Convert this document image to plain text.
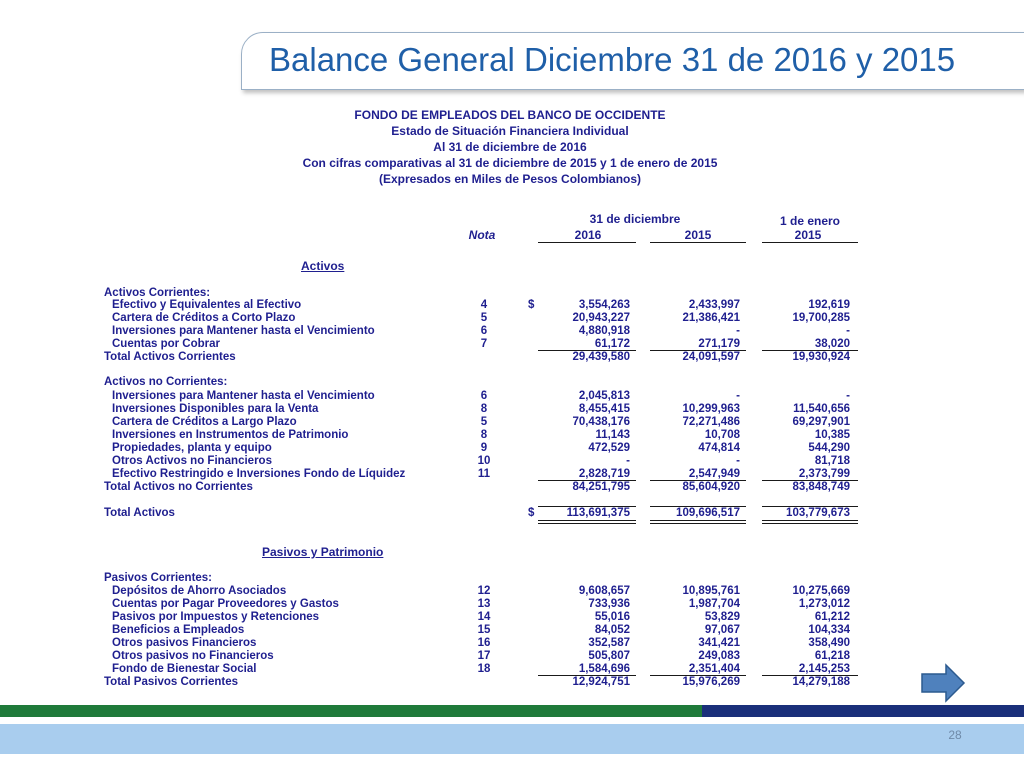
Balance General Diciembre 31 de 2016 y 2015
FONDO DE EMPLEADOS DEL BANCO DE OCCIDENTE
Estado de Situación Financiera Individual
Al 31 de diciembre de 2016
Con cifras comparativas al 31 de diciembre de 2015 y 1 de enero de 2015
(Expresados en Miles de Pesos Colombianos)
31 de diciembre	1 de enero
Nota	2016	2015	2015
Activos
Pasivos y Patrimonio
Activos Corrientes:
Efectivo y Equivalentes al Efectivo	4	$	3,554,263	2,433,997	192,619
Cartera de Créditos a Corto Plazo	5	20,943,227	21,386,421	19,700,285
Inversiones para Mantener hasta el Vencimiento	6	4,880,918	-	-
Cuentas por Cobrar	7	61,172	271,179	38,020
Total Activos Corrientes	29,439,580	24,091,597	19,930,924
Activos no Corrientes:
Inversiones para Mantener hasta el Vencimiento	6	2,045,813	-	-
Inversiones Disponibles para la Venta	8	8,455,415	10,299,963	11,540,656
Cartera de Créditos a Largo Plazo	5	70,438,176	72,271,486	69,297,901
Inversiones en Instrumentos de Patrimonio	8	11,143	10,708	10,385
Propiedades, planta y equipo	9	472,529	474,814	544,290
Otros Activos no Financieros	10	-	-	81,718
Efectivo Restringido e Inversiones Fondo de Líquidez	11	2,828,719	2,547,949	2,373,799
Total Activos no Corrientes	84,251,795	85,604,920	83,848,749
Total Activos	$	113,691,375	109,696,517	103,779,673
Pasivos Corrientes:
Depósitos de Ahorro Asociados	12	9,608,657	10,895,761	10,275,669
Cuentas por Pagar Proveedores y Gastos	13	733,936	1,987,704	1,273,012
Pasivos por Impuestos y Retenciones	14	55,016	53,829	61,212
Beneficios a Empleados	15	84,052	97,067	104,334
Otros pasivos Financieros	16	352,587	341,421	358,490
Otros pasivos no Financieros	17	505,807	249,083	61,218
Fondo de Bienestar Social	18	1,584,696	2,351,404	2,145,253
Total Pasivos Corrientes	12,924,751	15,976,269	14,279,188
28
